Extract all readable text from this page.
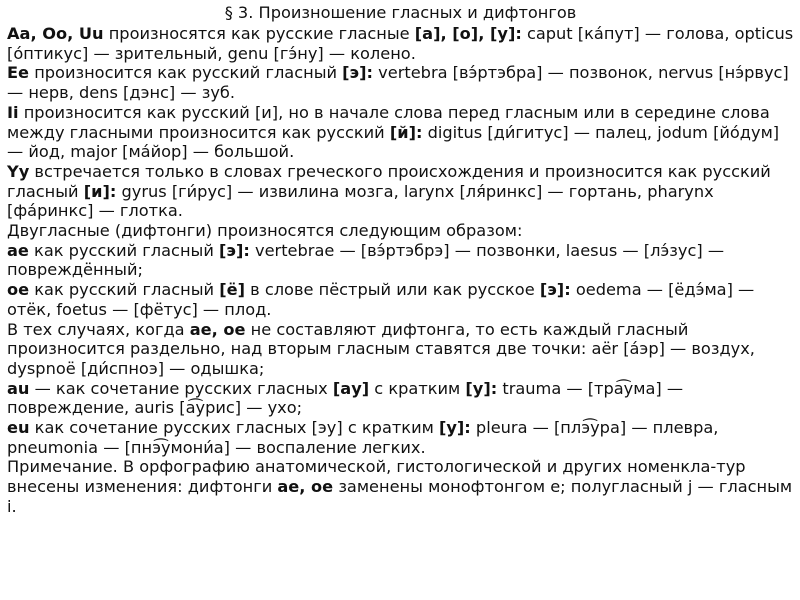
§ 3. Произношение гласных и дифтонгов

Aa, Oo, Uu произносятся как русские гласные [а], [о], [у]: caput [ка́пут] — голова, opticus [о́птикус] — зрительный, genu [гэ́ну] — колено.

Ee произносится как русский гласный [э]: vertebra [вэ́ртэбра] — позвонок, nervus [нэ́рвус] — нерв, dens [дэнс] — зуб.

Ii произносится как русский [и], но в начале слова перед гласным или в середине слова между гласными произносится как русский [й]: digitus [ди́гитус] — палец, jodum [йо́дум] — йод, major [ма́йор] — большой.

Yy встречается только в словах греческого происхождения и произносится как русский гласный [и]: gyrus [ги́рус] — извилина мозга, larynx [ля́ринкс] — гортань, pharynx [фа́ринкс] — глотка.

Двугласные (дифтонги) произносятся следующим образом:

ae как русский гласный [э]: vertebrae — [вэ́ртэбрэ] — позвонки, laesus — [лэ́зус] — повреждённый;

oe как русский гласный [ё] в слове пёстрый или как русское [э]: oedema — [ёдэ́ма] — отёк, foetus — [фётус] — плод.

В тех случаях, когда ae, oe не составляют дифтонга, то есть каждый гласный произносится раздельно, над вторым гласным ставятся две точки: aёr [а́эр] — воздух, dyspnoё [ди́спноэ] — одышка;

au — как сочетание русских гласных [ау] с кратким [у]: trauma — [тра͡ума] — повреждение, auris [а͡урис] — ухо;

eu как сочетание русских гласных [эу] с кратким [у]: pleura — [плэ͡ура] — плевра, pneumonia — [пнэ͡умони́а] — воспаление легких.

Примечание. В орфографию анатомической, гистологической и других номенкла-тур

внесены изменения: дифтонги ae, oe заменены монофтонгом e; полугласный j — гласным i.
